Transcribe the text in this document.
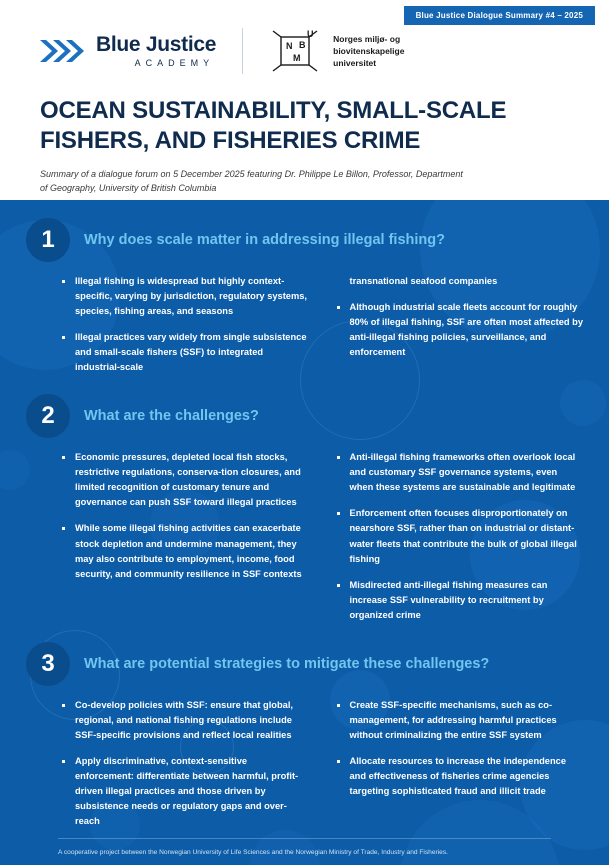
Blue Justice Dialogue Summary #4 – 2025
Blue Justice
ACADEMY
U
N B
M
Norges miljø- og
biovitenskapelige
universitet
OCEAN SUSTAINABILITY, SMALL-SCALE FISHERS, AND FISHERIES CRIME
Summary of a dialogue forum on 5 December 2025 featuring Dr. Philippe Le Billon, Professor, Department of Geography, University of British Columbia
1	Why does scale matter in addressing illegal fishing?
Illegal fishing is widespread but highly context-specific, varying by jurisdiction, regulatory systems, species, fishing areas, and seasons
Illegal practices vary widely from single subsistence and small-scale fishers (SSF) to integrated industrial-scale
transnational seafood companies
Although industrial scale fleets account for roughly 80% of illegal fishing, SSF are often most affected by anti-illegal fishing policies, surveillance, and enforcement
2	What are the challenges?
Economic pressures, depleted local fish stocks, restrictive regulations, conserva-tion closures, and limited recognition of customary tenure and governance can push SSF toward illegal practices
While some illegal fishing activities can exacerbate stock depletion and undermine management, they may also contribute to employment, income, food security, and community resilience in SSF contexts
Anti-illegal fishing frameworks often overlook local and customary SSF governance systems, even when these systems are sustainable and legitimate
Enforcement often focuses disproportionately on nearshore SSF, rather than on industrial or distant-water fleets that contribute the bulk of global illegal fishing
Misdirected anti-illegal fishing measures can increase SSF vulnerability to recruitment by organized crime
3	What are potential strategies to mitigate these challenges?
Co-develop policies with SSF: ensure that global, regional, and national fishing regulations include SSF-specific provisions and reflect local realities
Apply discriminative, context-sensitive enforcement: differentiate between harmful, profit-driven illegal practices and those driven by subsistence needs or regulatory gaps and over-reach
Create SSF-specific mechanisms, such as co-management, for addressing harmful practices without criminalizing the entire SSF system
Allocate resources to increase the independence and effectiveness of fisheries crime agencies targeting sophisticated fraud and illicit trade
A cooperative project between the Norwegian University of Life Sciences and the Norwegian Ministry of Trade, Industry and Fisheries.
